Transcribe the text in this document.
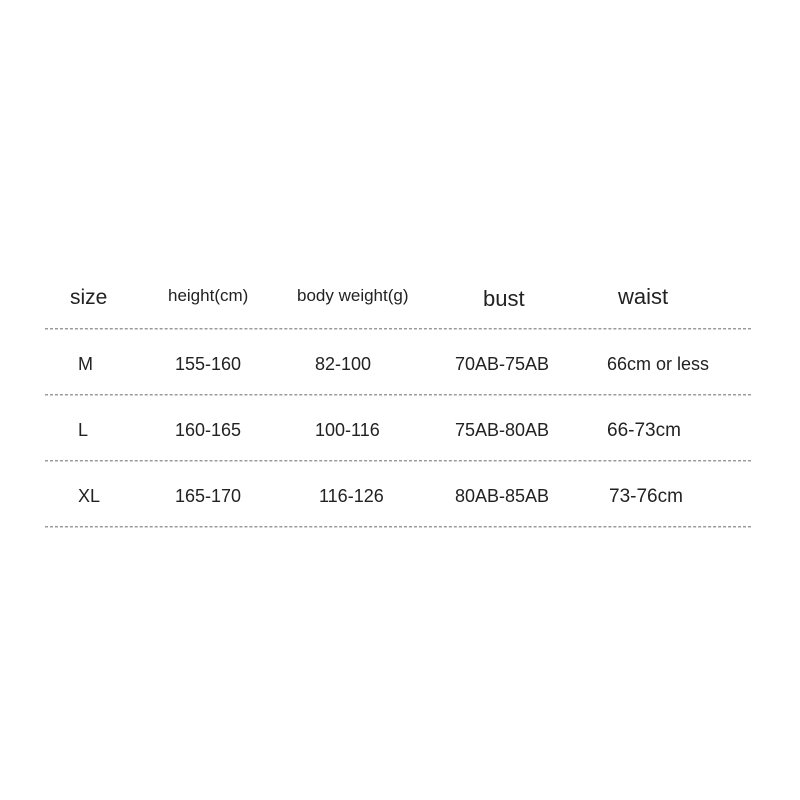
size	height(cm)	body weight(g)	bust	waist
M	155-160	82-100	70AB-75AB	66cm or less
L	160-165	100-116	75AB-80AB	66-73cm
XL	165-170	116-126	80AB-85AB	73-76cm
